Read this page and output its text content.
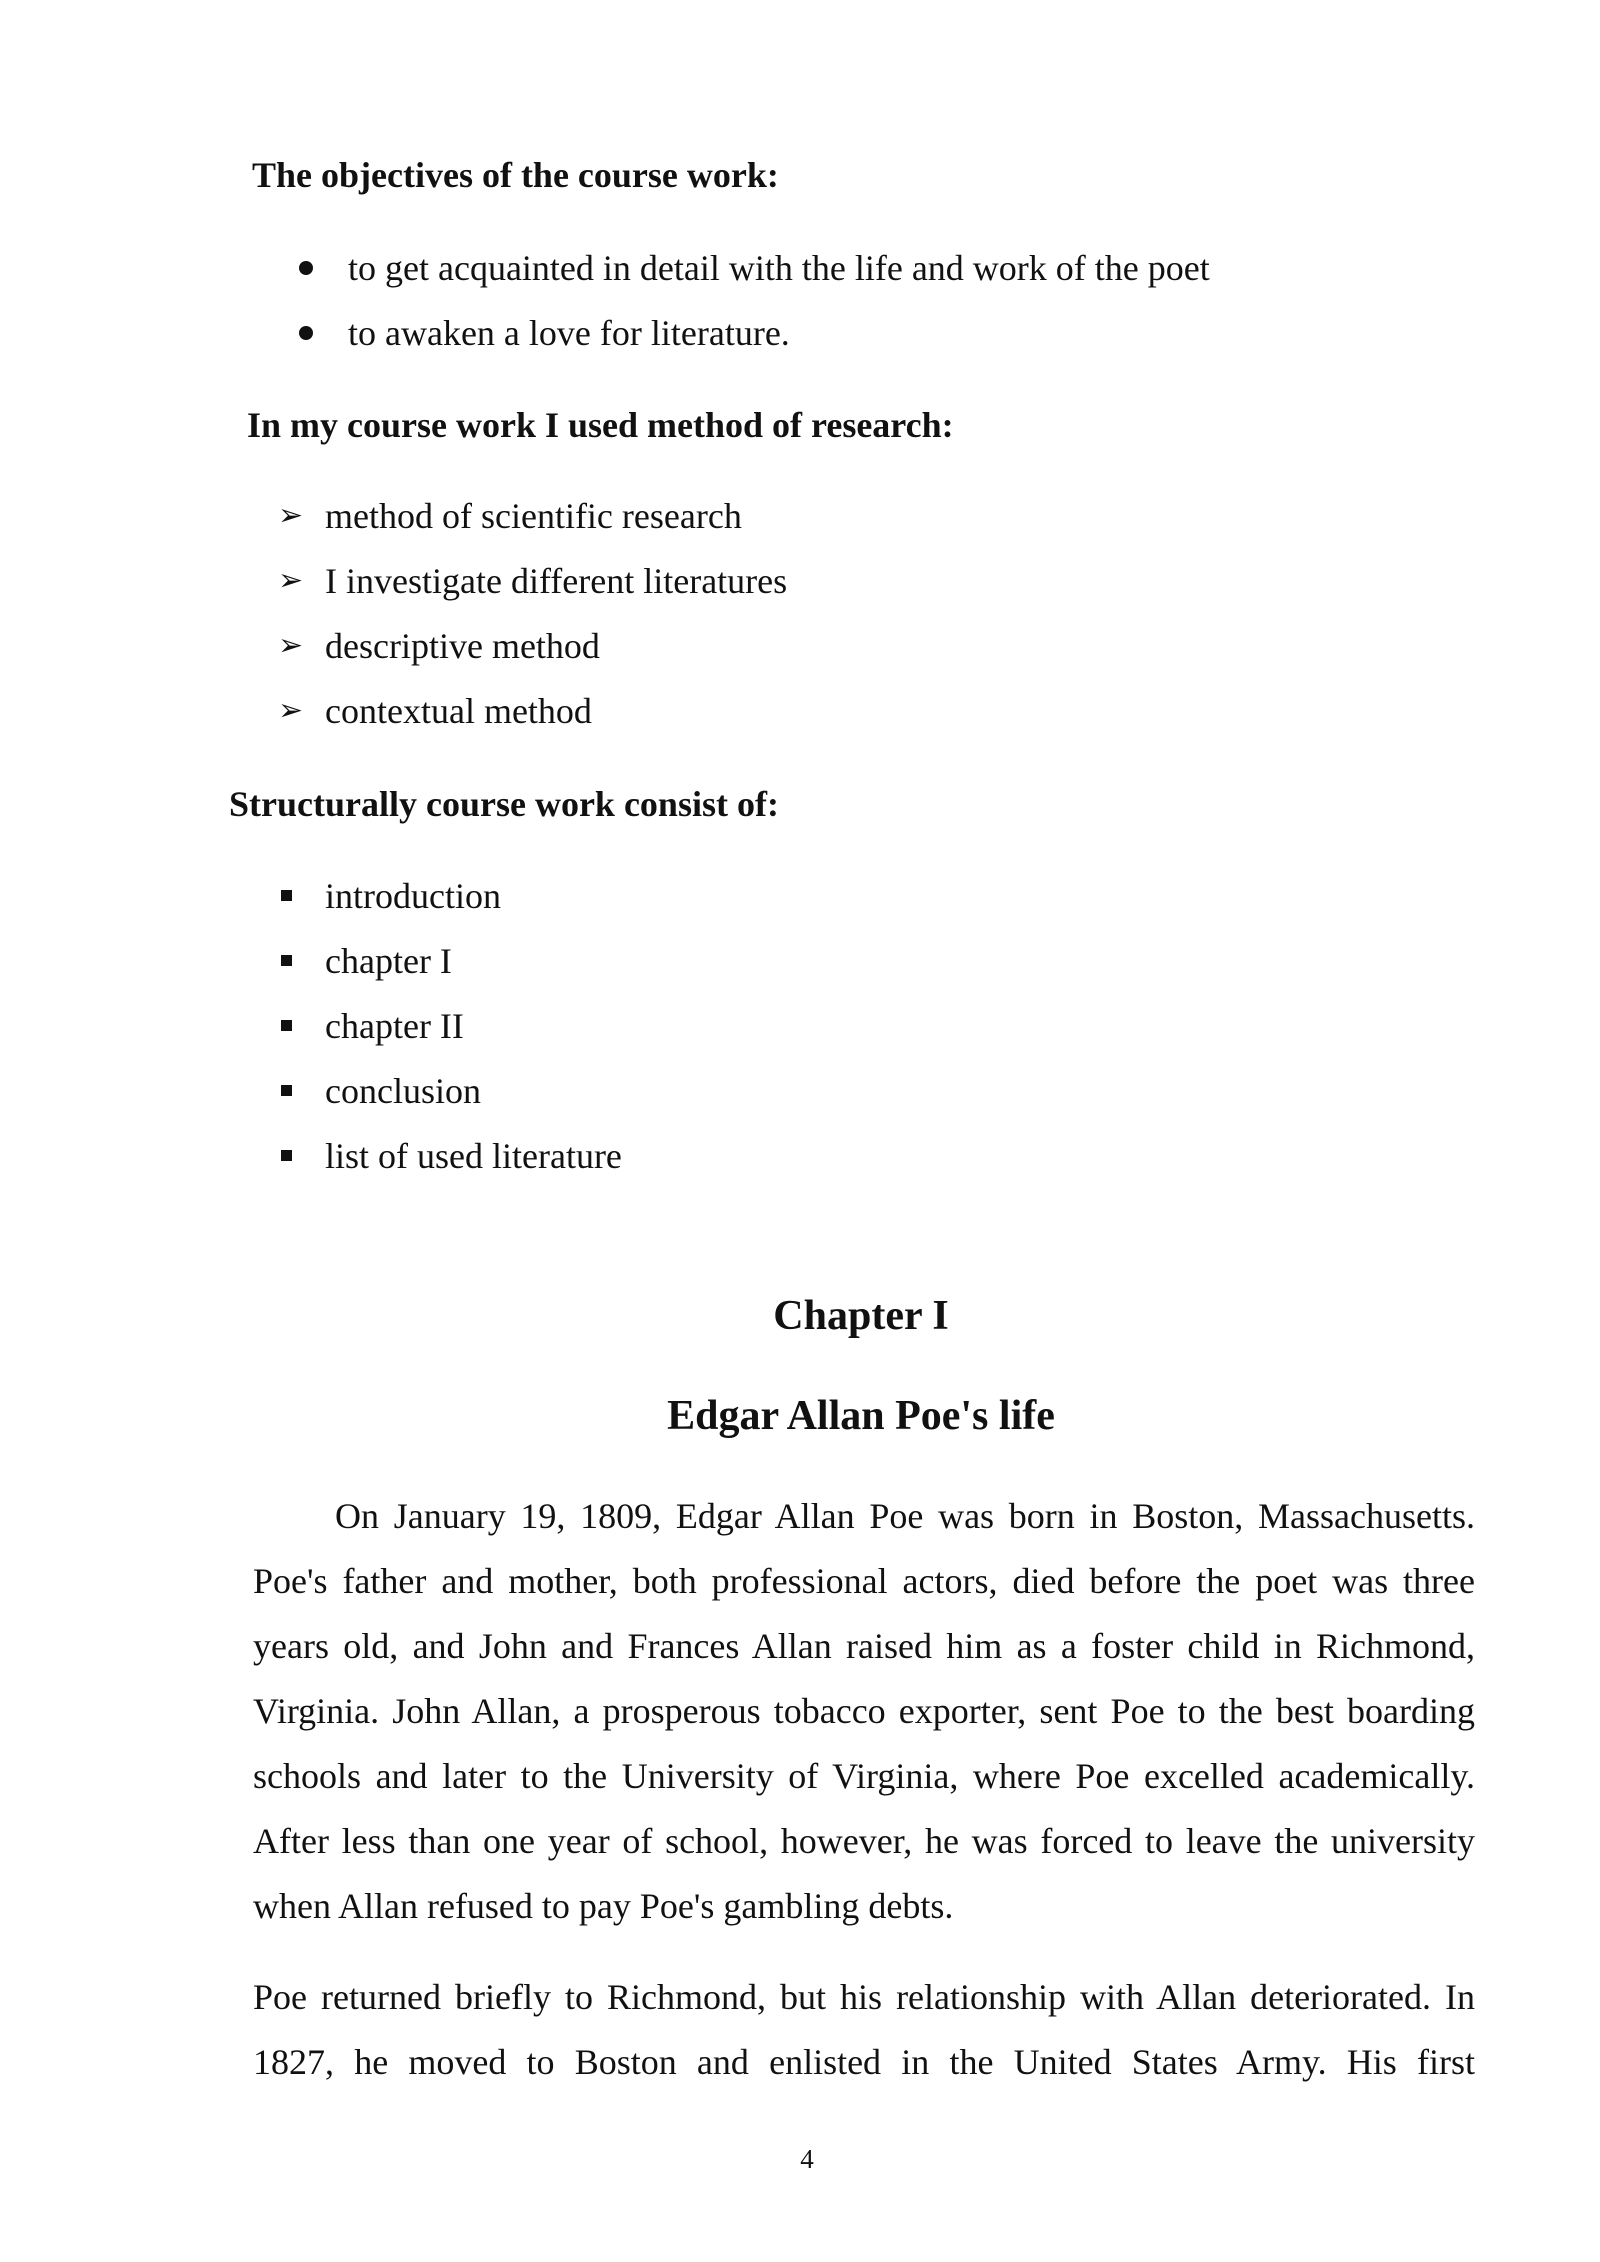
The objectives of the course work:
to get acquainted in detail with the life and work of the poet
to awaken a love for literature.
In my course work I used method of research:
➢ method of scientific research
➢ I investigate different literatures
➢ descriptive method
➢ contextual method
Structurally course work consist of:
introduction
chapter I
chapter II
conclusion
list of used literature
Chapter I
Edgar Allan Poe's life

On January 19, 1809, Edgar Allan Poe was born in Boston, Massachusetts. Poe's father and mother, both professional actors, died before the poet was three years old, and John and Frances Allan raised him as a foster child in Richmond, Virginia. John Allan, a prosperous tobacco exporter, sent Poe to the best boarding schools and later to the University of Virginia, where Poe excelled academically. After less than one year of school, however, he was forced to leave the university when Allan refused to pay Poe's gambling debts.

Poe returned briefly to Richmond, but his relationship with Allan deteriorated. In 1827, he moved to Boston and enlisted in the United States Army. His first

4
